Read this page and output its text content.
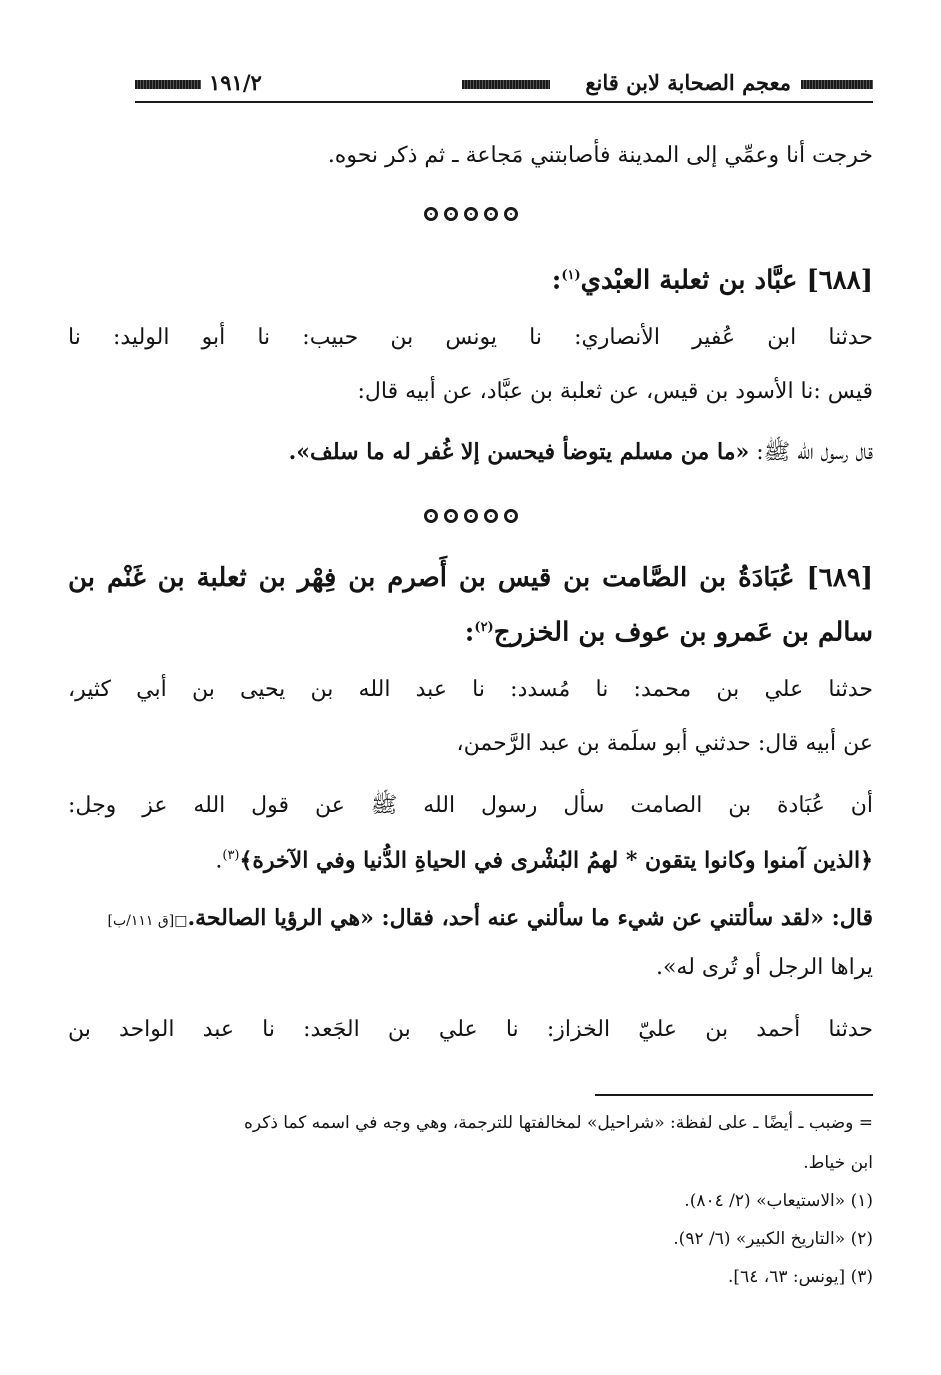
معجم الصحابة لابن قانع
١٩١/٢
خرجت أنا وعمِّي إلى المدينة فأصابتني مَجاعة ـ ثم ذكر نحوه.
[٦٨٨] عبَّاد بن ثعلبة العبْدي$^{(١)}$:
حدثنا ابن عُفير الأنصاري: نا يونس بن حبيب: نا أبو الوليد: نا
قيس :نا الأسود بن قيس، عن ثعلبة بن عبَّاد، عن أبيه قال:
قال رسول الله ﷺ: «ما من مسلم يتوضأ فيحسن إلا غُفر له ما سلف».
[٦٨٩] عُبَادَةُ بن الصَّامت بن قيس بن أَصرم بن فِهْر بن ثعلبة بن غَنْم بن
سالم بن عَمرو بن عوف بن الخزرج$^{(٢)}$:
حدثنا علي بن محمد: نا مُسدد: نا عبد الله بن يحيى بن أبي كثير،
عن أبيه قال: حدثني أبو سلَمة بن عبد الرَّحمن،
أن عُبَادة بن الصامت سأل رسول الله ﷺ عن قول الله عز وجل:
﴿الذين آمنوا وكانوا يتقون * لهمُ البُشْرى في الحياةِ الدُّنيا وفي الآخرة﴾$^{(٣)}$.
قال: «لقد سألتني عن شيء ما سألني عنه أحد، فقال: «هي الرؤيا الصالحة.□[ق ١١١/ب]
يراها الرجل أو تُرى له».
حدثنا أحمد بن عليّ الخزاز: نا علي بن الجَعد: نا عبد الواحد بن
= وضبب ـ أيضًا ـ على لفظة: «شراحيل» لمخالفتها للترجمة، وهي وجه في اسمه كما ذكره
ابن خياط.
(١) «الاستيعاب» (٢/ ٨٠٤).
(٢) «التاريخ الكبير» (٦/ ٩٢).
(٣) [يونس: ٦٣، ٦٤].
